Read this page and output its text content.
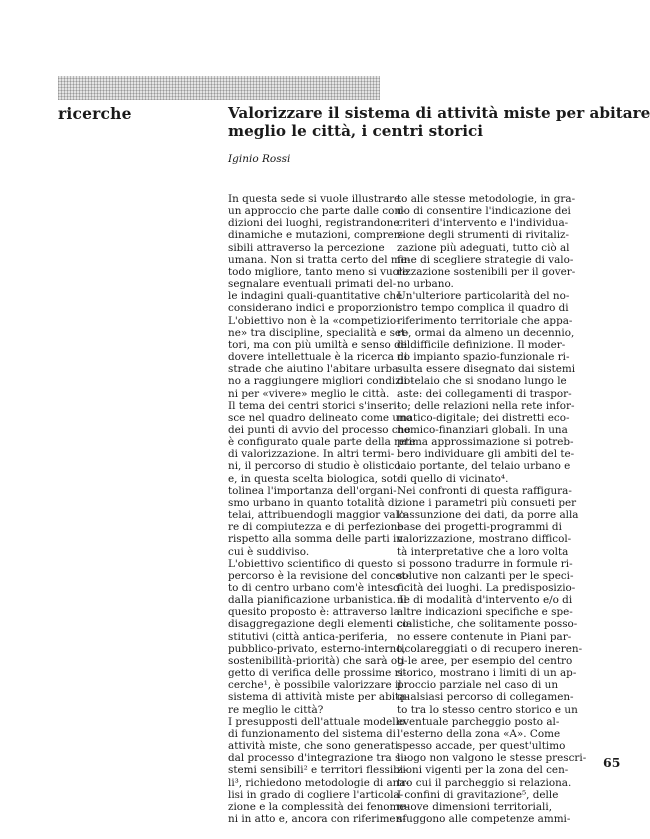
ricerche	Valorizzare il sistema di attività miste per abitare
meglio le città, i centri storici
Iginio Rossi
In questa sede si vuole illustrare
un approccio che parte dalle con-
dizioni dei luoghi, registrandone
dinamiche e mutazioni, compren-
sibili attraverso la percezione
umana. Non si tratta certo del me-
todo migliore, tanto meno si vuole
segnalare eventuali primati del-
le indagini quali-quantitative che
considerano indici e proporzioni.
L'obiettivo non è la «competizio-
ne» tra discipline, specialità e set-
tori, ma con più umiltà e senso del
dovere intellettuale è la ricerca di
strade che aiutino l'abitare urba-
no a raggiungere migliori condizio-
ni per «vivere» meglio le città.
Il tema dei centri storici s'inseri-
sce nel quadro delineato come uno
dei punti di avvio del processo che
è configurato quale parte della rete
di valorizzazione. In altri termi-
ni, il percorso di studio è olistico
e, in questa scelta biologica, sot-
tolinea l'importanza dell'organi-
smo urbano in quanto totalità di
telai, attribuendogli maggior valo-
re di compiutezza e di perfezione
rispetto alla somma delle parti in
cui è suddiviso.
L'obiettivo scientifico di questo
percorso è la revisione del concet-
to di centro urbano com'è inteso
dalla pianificazione urbanistica. Il
quesito proposto è: attraverso la
disaggregazione degli elementi co-
stitutivi (città antica-periferia,
pubblico-privato, esterno-interno,
sostenibilità-priorità) che sarà og-
getto di verifica delle prossime ri-
cerche¹, è possibile valorizzare il
sistema di attività miste per abita-
re meglio le città?
I presupposti dell'attuale modello
di funzionamento del sistema di
attività miste, che sono generati
dal processo d'integrazione tra si-
stemi sensibili² e territori flessibi-
li³, richiedono metodologie di ana-
lisi in grado di cogliere l'articola-
zione e la complessità dei fenome-
ni in atto e, ancora con riferimen-
to alle stesse metodologie, in gra-
do di consentire l'indicazione dei
criteri d'intervento e l'individua-
zione degli strumenti di rivitaliz-
zazione più adeguati, tutto ciò al
fine di scegliere strategie di valo-
rizzazione sostenibili per il gover-
no urbano.
Un'ulteriore particolarità del no-
stro tempo complica il quadro di
riferimento territoriale che appa-
re, ormai da almeno un decennio,
di difficile definizione. Il moder-
no impianto spazio-funzionale ri-
sulta essere disegnato dai sistemi
di telaio che si snodano lungo le
aste: dei collegamenti di traspor-
to; delle relazioni nella rete infor-
matico-digitale; dei distretti eco-
nomico-finanziari globali. In una
prima approssimazione si potreb-
bero individuare gli ambiti del te-
laio portante, del telaio urbano e
di quello di vicinato⁴.
Nei confronti di questa raffigura-
zione i parametri più consueti per
l'assunzione dei dati, da porre alla
base dei progetti-programmi di
valorizzazione, mostrano difficol-
tà interpretative che a loro volta
si possono tradurre in formule ri-
solutive non calzanti per le speci-
ficità dei luoghi. La predisposizio-
ne di modalità d'intervento e/o di
altre indicazioni specifiche e spe-
cialistiche, che solitamente posso-
no essere contenute in Piani par-
ticolareggiati o di recupero ineren-
ti le aree, per esempio del centro
storico, mostrano i limiti di un ap-
proccio parziale nel caso di un
qualsiasi percorso di collegamen-
to tra lo stesso centro storico e un
eventuale parcheggio posto al-
l'esterno della zona «A». Come
spesso accade, per quest'ultimo
luogo non valgono le stesse prescri-
zioni vigenti per la zona del cen-
tro cui il parcheggio si relaziona.
I confini di gravitazione⁵, delle
nuove dimensioni territoriali,
sfuggono alle competenze ammi-
65
